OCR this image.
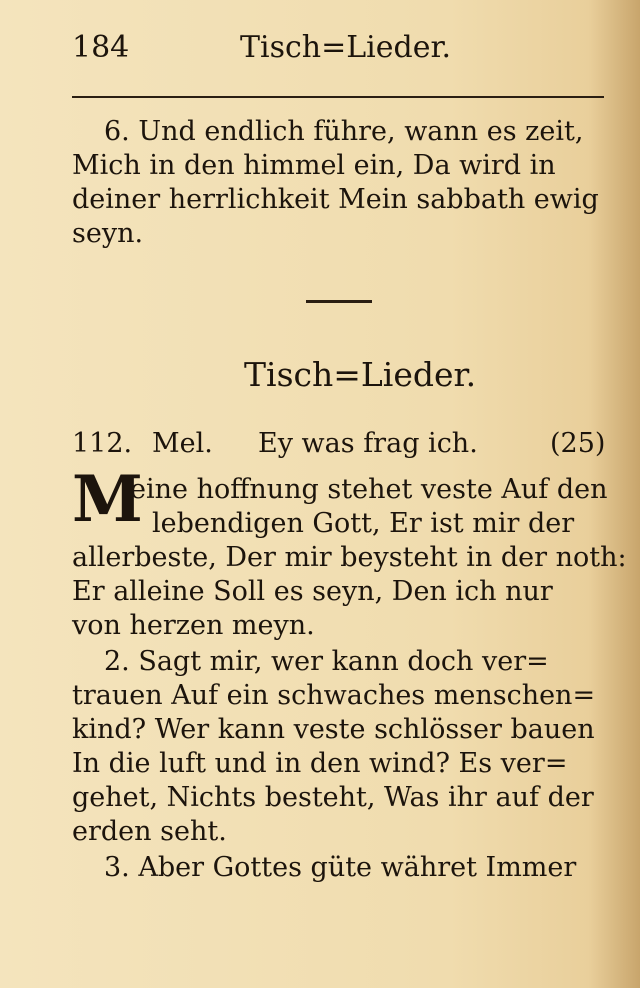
184	Tisch=Lieder.
6. Und endlich führe, wann es zeit,
Mich in den himmel ein, Da wird in
deiner herrlichkeit Mein sabbath ewig
seyn.
Tisch=Lieder.
112. Mel. Ey was frag ich.	(25)
M
eine hoffnung stehet veste Auf den
lebendigen Gott, Er ist mir der
allerbeste, Der mir beysteht in der noth:
Er alleine Soll es seyn, Den ich nur
von herzen meyn.
2. Sagt mir, wer kann doch ver=
trauen Auf ein schwaches menschen=
kind? Wer kann veste schlösser bauen
In die luft und in den wind? Es ver=
gehet, Nichts besteht, Was ihr auf der
erden seht.
3. Aber Gottes güte währet Immer
